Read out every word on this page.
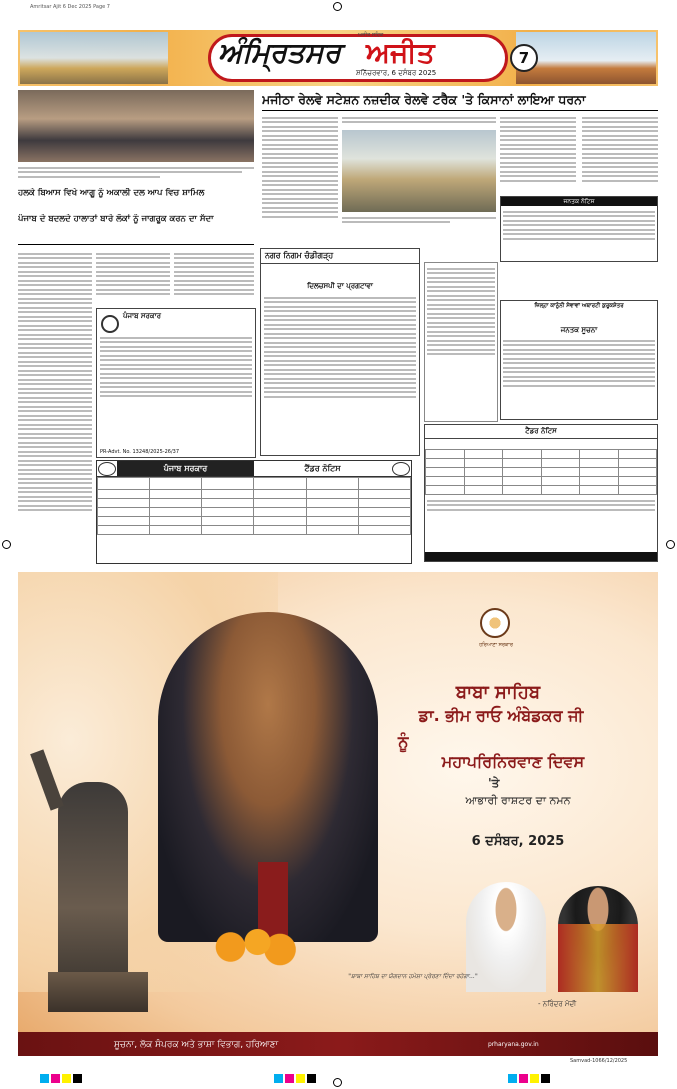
Amritsar Ajit 6 Dec 2025 Page 7
ਅੰਮ੍ਰਿਤਸਰ ਅਜੀਤ
ਅਜੀਤ ਸਹਿਕ
ਸ਼ਨਿੱਚਰਵਾਰ, 6 ਦਸੰਬਰ 2025
7
ਮਜੀਠਾ ਰੇਲਵੇ ਸਟੇਸ਼ਨ ਨਜ਼ਦੀਕ ਰੇਲਵੇ ਟਰੈਕ 'ਤੇ ਕਿਸਾਨਾਂ ਲਾਇਆ ਧਰਨਾ
ਜਨਤਕ ਨੋਟਿਸ
ਹਲਕੇ ਬਿਆਸ ਵਿਖੇ ਆਗੂ ਨੂੰ ਅਕਾਲੀ ਦਲ ਆਪ ਵਿਚ ਸ਼ਾਮਿਲ
ਪੰਜਾਬ ਦੇ ਬਦਲਦੇ ਹਾਲਾਤਾਂ ਬਾਰੇ ਲੋਕਾਂ ਨੂੰ ਜਾਗਰੂਕ ਕਰਨ ਦਾ ਸੱਦਾ
ਨਗਰ ਨਿਗਮ ਚੰਡੀਗੜ੍ਹ
ਦਿਲਚਸਪੀ ਦਾ ਪ੍ਰਗਟਾਵਾ
ਜ਼ਿਲ੍ਹਾ ਕਾਨੂੰਨੀ ਸੇਵਾਵਾਂ ਅਥਾਰਟੀ ਕੁਰੂਕਸ਼ੇਤਰ
ਜਨਤਕ ਸੂਚਨਾ
ਪੰਜਾਬ ਸਰਕਾਰ
PR-Advt. No. 13248/2025-26/37
ਟੈਂਡਰ ਨੋਟਿਸ

ਪੰਜਾਬ ਸਰਕਾਰ	ਟੈਂਡਰ ਨੋਟਿਸ

ਹਰਿਆਣਾ ਸਰਕਾਰ
ਬਾਬਾ ਸਾਹਿਬ
ਡਾ. ਭੀਮ ਰਾਓ ਅੰਬੇਡਕਰ ਜੀ
ਨੂੰ
ਮਹਾਪਰਿਨਿਰਵਾਣ ਦਿਵਸ
'ਤੇ
ਆਭਾਰੀ ਰਾਸ਼ਟਰ ਦਾ ਨਮਨ
6 ਦਸੰਬਰ, 2025
"ਬਾਬਾ ਸਾਹਿਬ ਦਾ ਯੋਗਦਾਨ ਹਮੇਸ਼ਾ ਪ੍ਰੇਰਣਾ ਦਿੰਦਾ ਰਹੇਗਾ..."
- ਨਰਿੰਦਰ ਮੋਦੀ
ਸੂਚਨਾ, ਲੋਕ ਸੰਪਰਕ ਅਤੇ ਭਾਸ਼ਾ ਵਿਭਾਗ, ਹਰਿਆਣਾ	prharyana.gov.in
Samvad-1066/12/2025
